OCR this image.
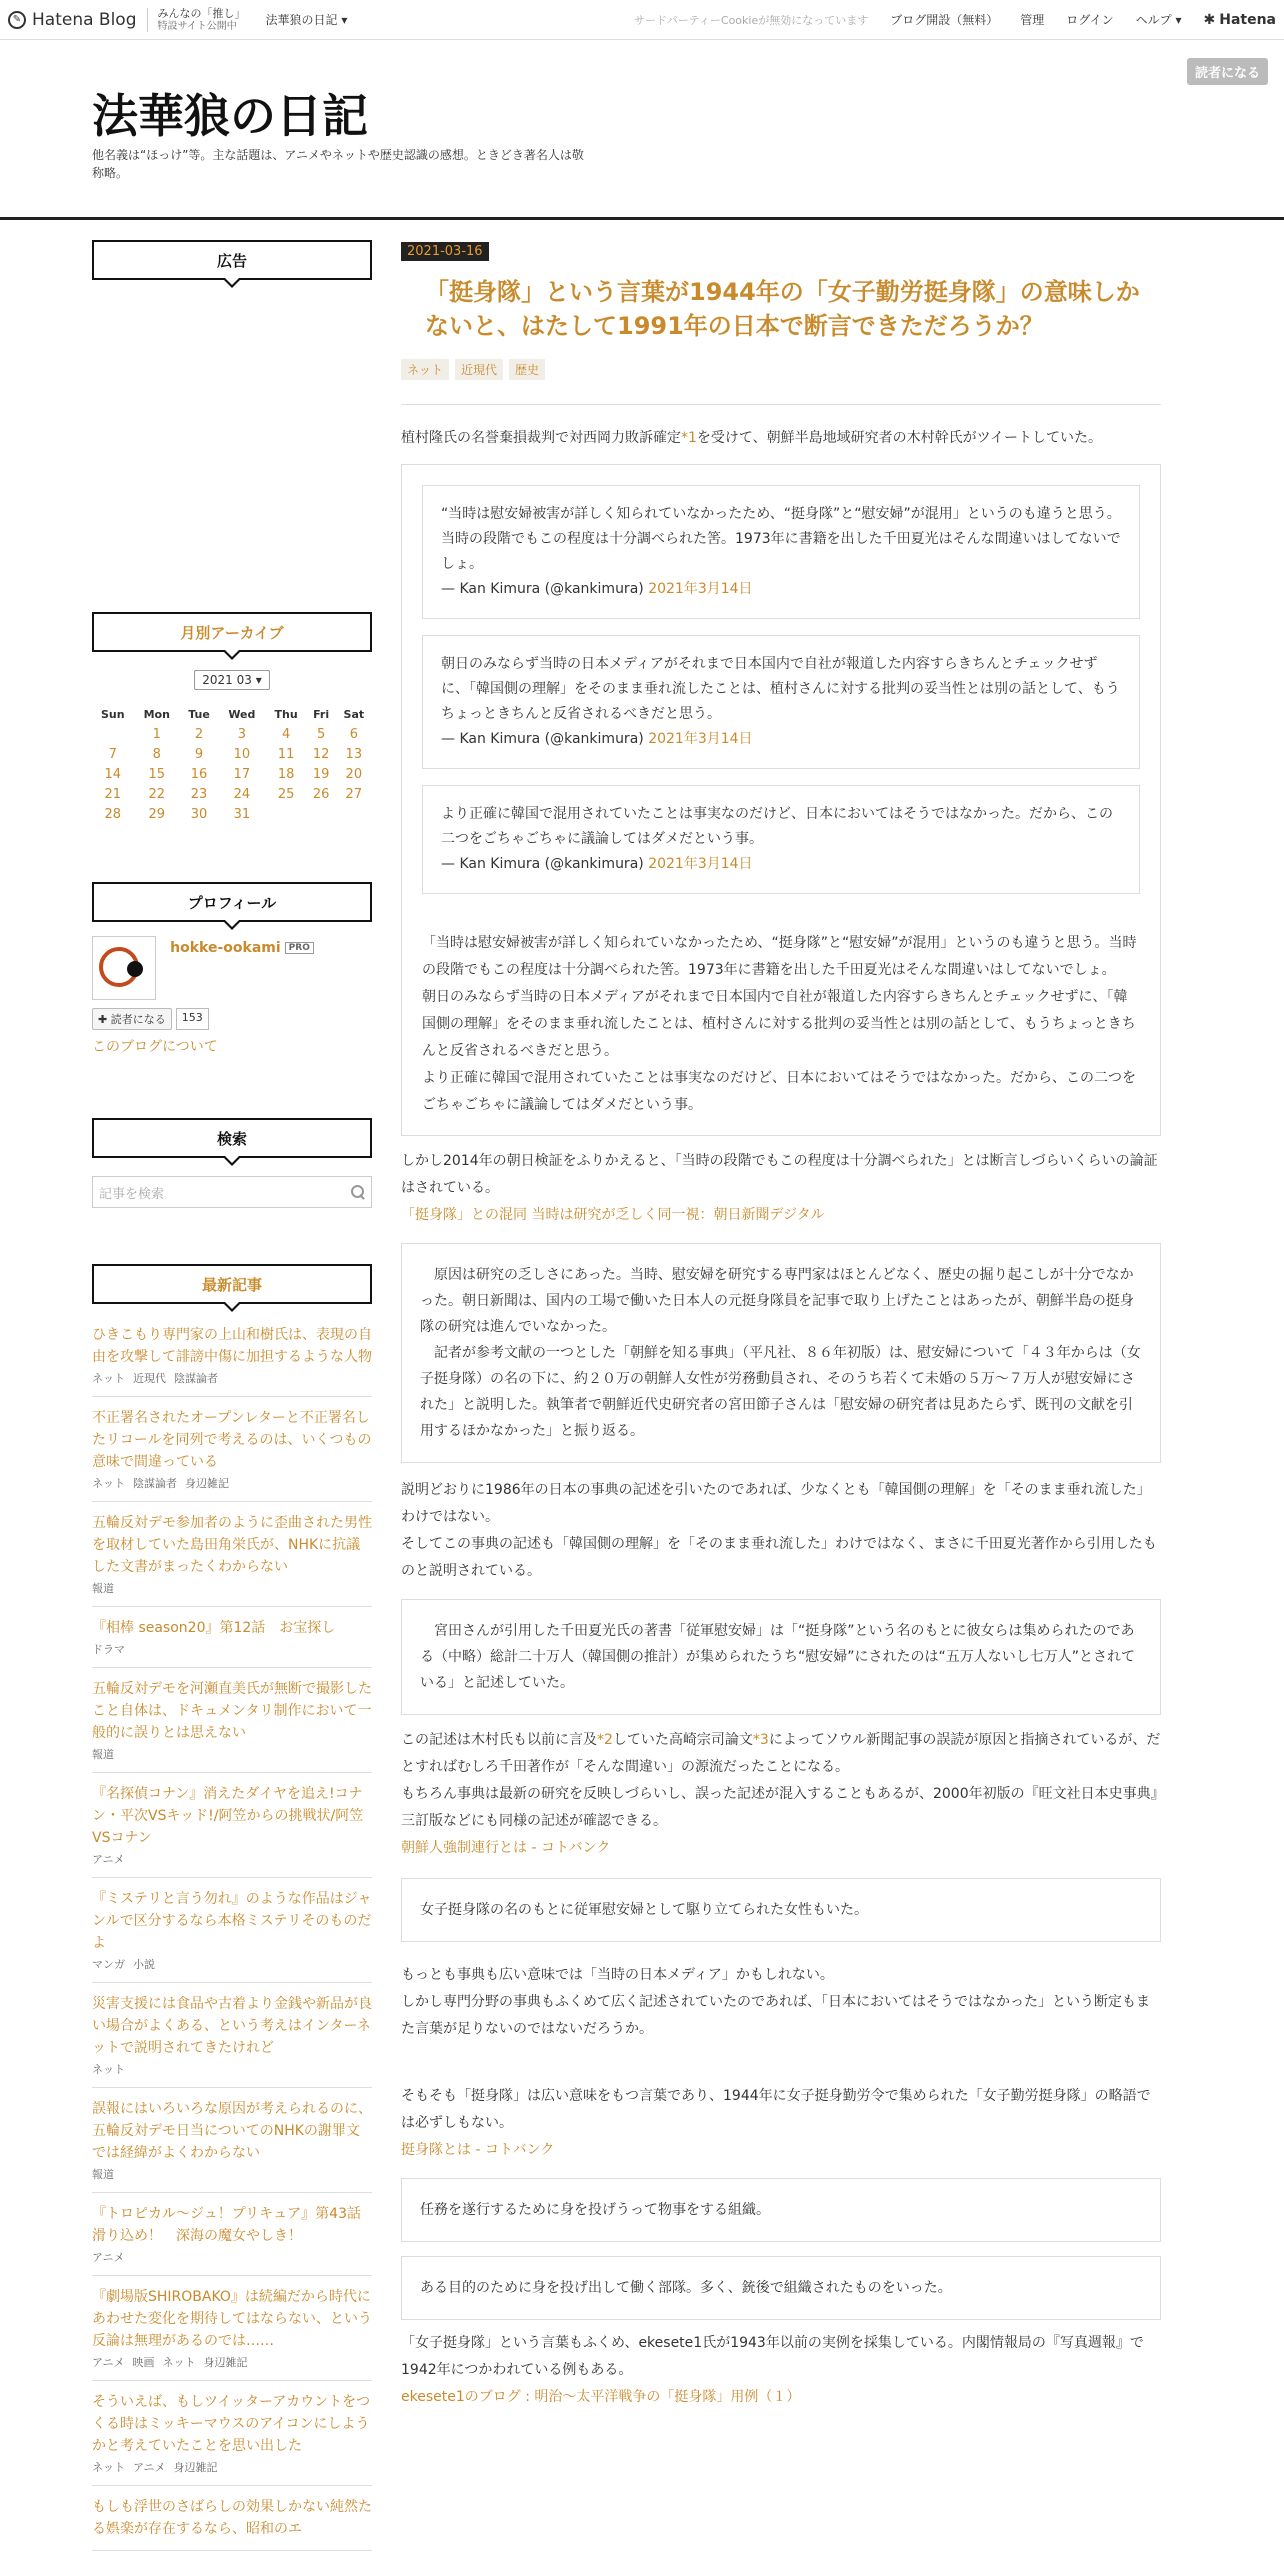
✎ Hatena Blog みんなの「推し」
特設サイト公開中	法華狼の日記 ▾	サードパーティーCookieが無効になっています ブログ開設（無料） 管理 ログイン ヘルプ ▾ ✱ Hatena
法華狼の日記
他名義は“ほっけ”等。主な話題は、アニメやネットや歴史認識の感想。ときどき著名人は敬称略。
読者になる
広告
月別アーカイブ
2021 03 ▾
Sun	Mon	Tue	Wed	Thu	Fri	Sat
	1	2	3	4	5	6
7	8	9	10	11	12	13
14	15	16	17	18	19	20
21	22	23	24	25	26	27
28	29	30	31			
プロフィール
hokke-ookami PRO
✚ 読者になる	153
このブログについて
検索
記事を検索
最新記事
ひきこもり専門家の上山和樹氏は、表現の自由を攻撃して誹謗中傷に加担するような人物
ネット 近現代 陰謀論者
不正署名されたオープンレターと不正署名したリコールを同列で考えるのは、いくつもの意味で間違っている
ネット 陰謀論者 身辺雑記
五輪反対デモ参加者のように歪曲された男性を取材していた島田角栄氏が、NHKに抗議した文書がまったくわからない
報道
『相棒 season20』第12話　お宝探し
ドラマ
五輪反対デモを河瀬直美氏が無断で撮影したこと自体は、ドキュメンタリ制作において一般的に誤りとは思えない
報道
『名探偵コナン』消えたダイヤを追え!コナン・平次VSキッド!/阿笠からの挑戦状/阿笠VSコナン
アニメ
『ミステリと言う勿れ』のような作品はジャンルで区分するなら本格ミステリそのものだよ
マンガ 小説
災害支援には食品や古着より金銭や新品が良い場合がよくある、という考えはインターネットで説明されてきたけれど
ネット
誤報にはいろいろな原因が考えられるのに、五輪反対デモ日当についてのNHKの謝罪文では経緯がよくわからない
報道
『トロピカル～ジュ！プリキュア』第43話　滑り込め！　深海の魔女やしき！
アニメ
『劇場版SHIROBAKO』は続編だから時代にあわせた変化を期待してはならない、という反論は無理があるのでは……
アニメ 映画 ネット 身辺雑記
そういえば、もしツイッターアカウントをつくる時はミッキーマウスのアイコンにしようかと考えていたことを思い出した
ネット アニメ 身辺雑記
もしも浮世のさばらしの効果しかない純然たる娯楽が存在するなら、昭和のエ
2021-03-16
「挺身隊」という言葉が1944年の「女子勤労挺身隊」の意味しかないと、はたして1991年の日本で断言できただろうか？
ネット	近現代	歴史
植村隆氏の名誉棄損裁判で対西岡力敗訴確定*1を受けて、朝鮮半島地域研究者の木村幹氏がツイートしていた。
“当時は慰安婦被害が詳しく知られていなかったため、“挺身隊”と“慰安婦”が混用」というのも違うと思う。当時の段階でもこの程度は十分調べられた筈。1973年に書籍を出した千田夏光はそんな間違いはしてないでしょ。
— Kan Kimura (@kankimura) 2021年3月14日
朝日のみならず当時の日本メディアがそれまで日本国内で自社が報道した内容すらきちんとチェックせずに、「韓国側の理解」をそのまま垂れ流したことは、植村さんに対する批判の妥当性とは別の話として、もうちょっときちんと反省されるべきだと思う。
— Kan Kimura (@kankimura) 2021年3月14日
より正確に韓国で混用されていたことは事実なのだけど、日本においてはそうではなかった。だから、この二つをごちゃごちゃに議論してはダメだという事。
— Kan Kimura (@kankimura) 2021年3月14日
「当時は慰安婦被害が詳しく知られていなかったため、“挺身隊”と“慰安婦”が混用」というのも違うと思う。当時の段階でもこの程度は十分調べられた筈。1973年に書籍を出した千田夏光はそんな間違いはしてないでしょ。
朝日のみならず当時の日本メディアがそれまで日本国内で自社が報道した内容すらきちんとチェックせずに、「韓国側の理解」をそのまま垂れ流したことは、植村さんに対する批判の妥当性とは別の話として、もうちょっときちんと反省されるべきだと思う。
より正確に韓国で混用されていたことは事実なのだけど、日本においてはそうではなかった。だから、この二つをごちゃごちゃに議論してはダメだという事。
しかし2014年の朝日検証をふりかえると、「当時の段階でもこの程度は十分調べられた」とは断言しづらいくらいの論証はされている。
「挺身隊」との混同 当時は研究が乏しく同一視：朝日新聞デジタル
原因は研究の乏しさにあった。当時、慰安婦を研究する専門家はほとんどなく、歴史の掘り起こしが十分でなかった。朝日新聞は、国内の工場で働いた日本人の元挺身隊員を記事で取り上げたことはあったが、朝鮮半島の挺身隊の研究は進んでいなかった。
記者が参考文献の一つとした「朝鮮を知る事典」（平凡社、８６年初版）は、慰安婦について「４３年からは（女子挺身隊）の名の下に、約２０万の朝鮮人女性が労務動員され、そのうち若くて未婚の５万～７万人が慰安婦にされた」と説明した。執筆者で朝鮮近代史研究者の宮田節子さんは「慰安婦の研究者は見あたらず、既刊の文献を引用するほかなかった」と振り返る。
説明どおりに1986年の日本の事典の記述を引いたのであれば、少なくとも「韓国側の理解」を「そのまま垂れ流した」わけではない。
そしてこの事典の記述も「韓国側の理解」を「そのまま垂れ流した」わけではなく、まさに千田夏光著作から引用したものと説明されている。
宮田さんが引用した千田夏光氏の著書「従軍慰安婦」は「“挺身隊”という名のもとに彼女らは集められたのである（中略）総計二十万人（韓国側の推計）が集められたうち“慰安婦”にされたのは“五万人ないし七万人”とされている」と記述していた。
この記述は木村氏も以前に言及*2していた高崎宗司論文*3によってソウル新聞記事の誤読が原因と指摘されているが、だとすればむしろ千田著作が「そんな間違い」の源流だったことになる。
もちろん事典は最新の研究を反映しづらいし、誤った記述が混入することもあるが、2000年初版の『旺文社日本史事典』三訂版などにも同様の記述が確認できる。
朝鮮人強制連行とは - コトバンク
女子挺身隊の名のもとに従軍慰安婦として駆り立てられた女性もいた。
もっとも事典も広い意味では「当時の日本メディア」かもしれない。
しかし専門分野の事典もふくめて広く記述されていたのであれば、「日本においてはそうではなかった」という断定もまた言葉が足りないのではないだろうか。
そもそも「挺身隊」は広い意味をもつ言葉であり、1944年に女子挺身勤労令で集められた「女子勤労挺身隊」の略語では必ずしもない。
挺身隊とは - コトバンク
任務を遂行するために身を投げうって物事をする組織。
ある目的のために身を投げ出して働く部隊。多く、銃後で組織されたものをいった。
「女子挺身隊」という言葉もふくめ、ekesete1氏が1943年以前の実例を採集している。内閣情報局の『写真週報』で1942年につかわれている例もある。
ekesete1のブログ : 明治～太平洋戦争の「挺身隊」用例（１）
